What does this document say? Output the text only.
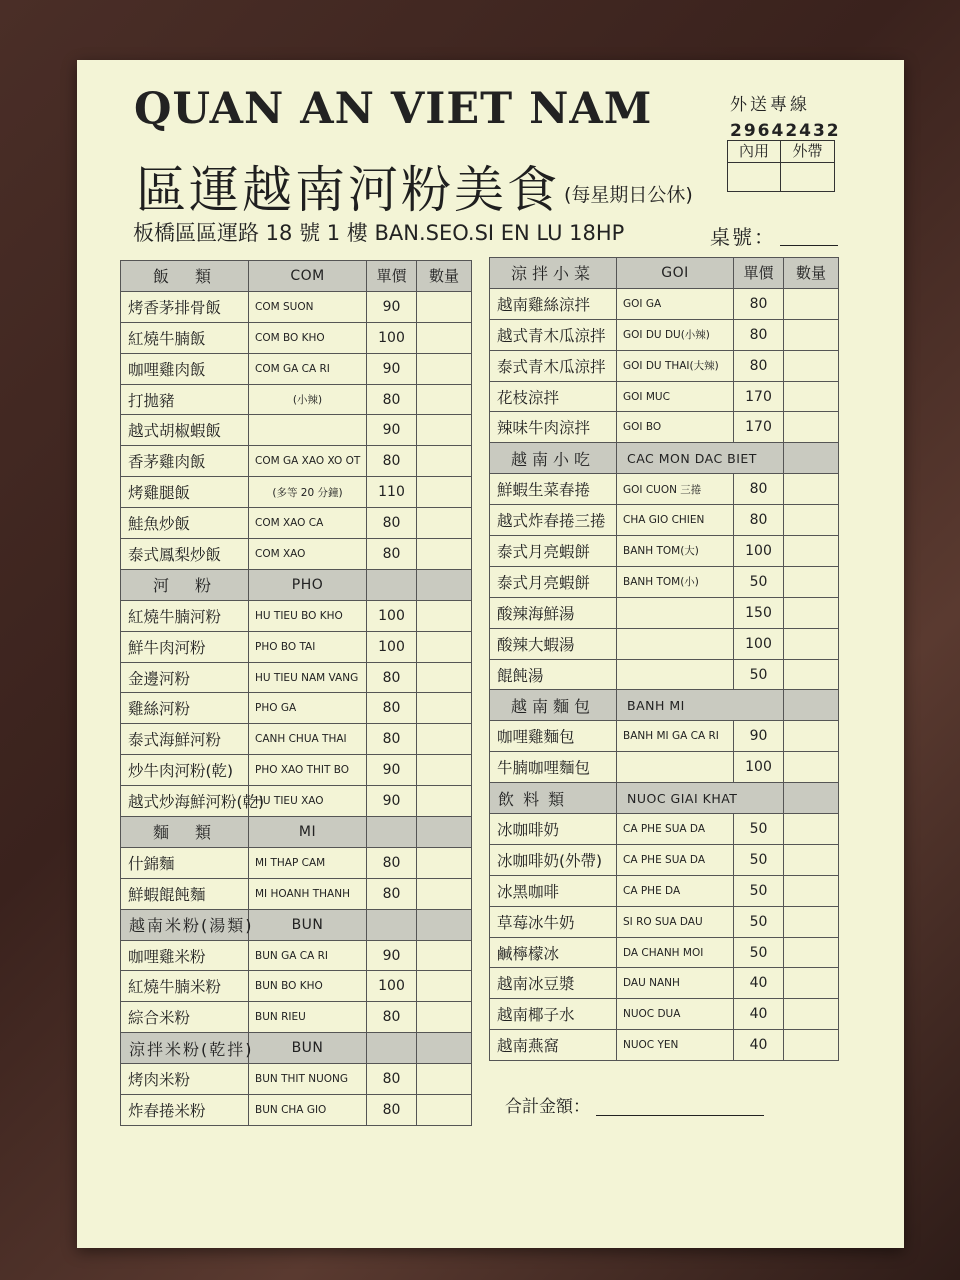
QUAN AN VIET NAM
區運越南河粉美食 (每星期日公休)
外送專線
29642432
內用	外帶
板橋區區運路 18 號 1 樓 BAN.SEO.SI EN LU 18HP	桌號：
飯　類	COM	單價	數量
烤香茅排骨飯	COM SUON	90	
紅燒牛腩飯	COM BO KHO	100	
咖哩雞肉飯	COM GA CA RI	90	
打拋豬	(小辣)	80	
越式胡椒蝦飯		90	
香茅雞肉飯	COM GA XAO XO OT	80	
烤雞腿飯	(多等 20 分鐘)	110	
鮭魚炒飯	COM XAO CA	80	
泰式鳳梨炒飯	COM XAO	80	
河　粉	PHO		
紅燒牛腩河粉	HU TIEU BO KHO	100	
鮮牛肉河粉	PHO BO TAI	100	
金邊河粉	HU TIEU NAM VANG	80	
雞絲河粉	PHO GA	80	
泰式海鮮河粉	CANH CHUA THAI	80	
炒牛肉河粉(乾)	PHO XAO THIT BO	90	
越式炒海鮮河粉(乾)	HU TIEU XAO	90	
麵　類	MI		
什錦麵	MI THAP CAM	80	
鮮蝦餛飩麵	MI HOANH THANH	80	
越南米粉(湯類)	BUN		
咖哩雞米粉	BUN GA CA RI	90	
紅燒牛腩米粉	BUN BO KHO	100	
綜合米粉	BUN RIEU	80	
涼拌米粉(乾拌)	BUN		
烤肉米粉	BUN THIT NUONG	80	
炸春捲米粉	BUN CHA GIO	80	
涼拌小菜	GOI	單價	數量
越南雞絲涼拌	GOI GA	80	
越式青木瓜涼拌	GOI DU DU(小辣)	80	
泰式青木瓜涼拌	GOI DU THAI(大辣)	80	
花枝涼拌	GOI MUC	170	
辣味牛肉涼拌	GOI BO	170	
越南小吃	CAC MON DAC BIET		
鮮蝦生菜春捲	GOI CUON 三捲	80	
越式炸春捲三捲	CHA GIO CHIEN	80	
泰式月亮蝦餅	BANH TOM(大)	100	
泰式月亮蝦餅	BANH TOM(小)	50	
酸辣海鮮湯		150	
酸辣大蝦湯		100	
餛飩湯		50	
越南麵包	BANH MI		
咖哩雞麵包	BANH MI GA CA RI	90	
牛腩咖哩麵包		100	
飲 料 類	NUOC GIAI KHAT		
冰咖啡奶	CA PHE SUA DA	50	
冰咖啡奶(外帶)	CA PHE SUA DA	50	
冰黑咖啡	CA PHE DA	50	
草莓冰牛奶	SI RO SUA DAU	50	
鹹檸檬冰	DA CHANH MOI	50	
越南冰豆漿	DAU NANH	40	
越南椰子水	NUOC DUA	40	
越南燕窩	NUOC YEN	40	
合計金額：
